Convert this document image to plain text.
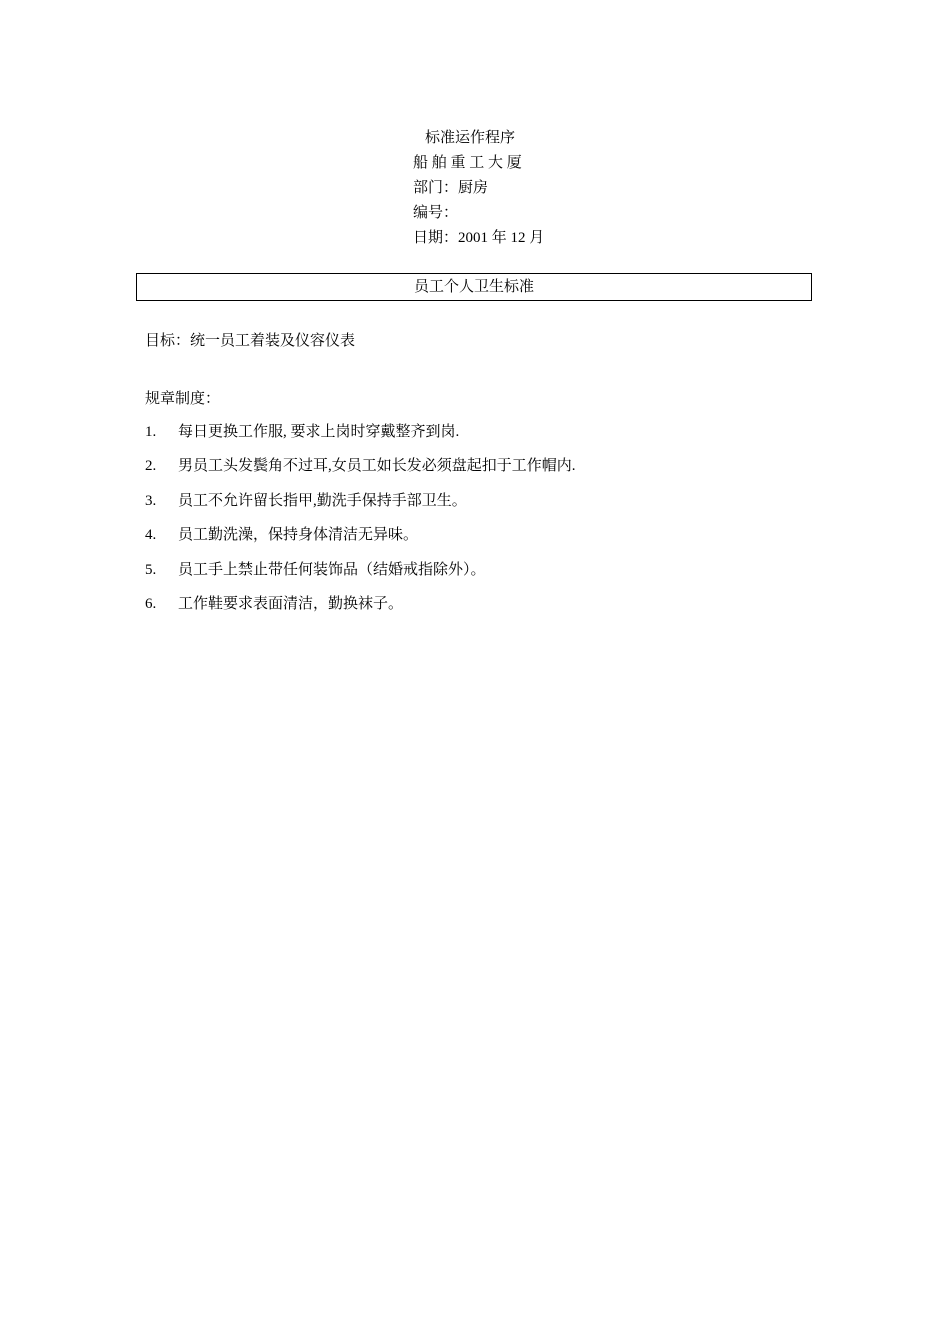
标准运作程序
船 舶 重 工 大 厦
部门：厨房
编号：
日期：2001 年 12 月
员工个人卫生标准
目标：统一员工着装及仪容仪表
规章制度：
1.	每日更换工作服, 要求上岗时穿戴整齐到岗.
2.	男员工头发鬓角不过耳,女员工如长发必须盘起扣于工作帽内.
3.	员工不允许留长指甲,勤洗手保持手部卫生。
4.	员工勤洗澡，保持身体清洁无异味。
5.	员工手上禁止带任何装饰品（结婚戒指除外）。
6.	工作鞋要求表面清洁，勤换袜子。
